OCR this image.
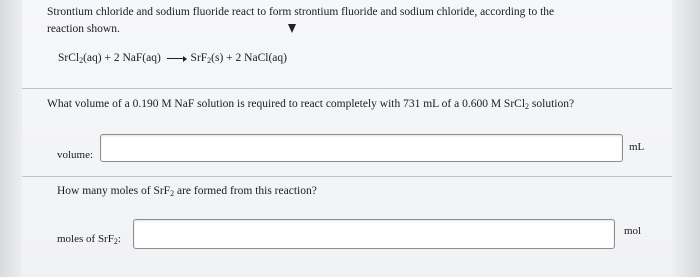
Strontium chloride and sodium fluoride react to form strontium fluoride and sodium chloride, according to the
reaction shown.
SrCl$_2$(aq) + 2 NaF(aq) → SrF$_2$(s) + 2 NaCl(aq)
What volume of a 0.190 M NaF solution is required to react completely with 731 mL of a 0.600 M SrCl$_2$ solution?
volume:
mL
How many moles of SrF$_2$ are formed from this reaction?
moles of SrF$_2$:
mol
